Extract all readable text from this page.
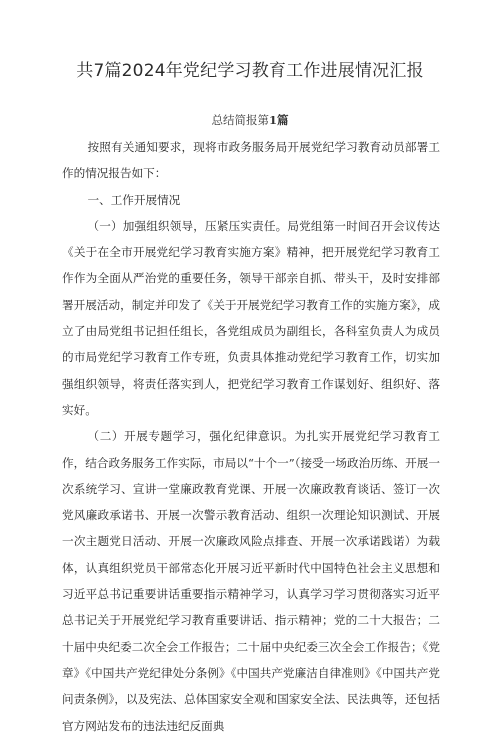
共7篇2024年党纪学习教育工作进展情况汇报
总结简报第1篇

按照有关通知要求，现将市政务服务局开展党纪学习教育动员部署工作的情况报告如下：

一、工作开展情况

（一）加强组织领导，压紧压实责任。局党组第一时间召开会议传达《关于在全市开展党纪学习教育实施方案》精神，把开展党纪学习教育工作作为全面从严治党的重要任务，领导干部亲自抓、带头干，及时安排部署开展活动，制定并印发了《关于开展党纪学习教育工作的实施方案》，成立了由局党组书记担任组长，各党组成员为副组长，各科室负责人为成员的市局党纪学习教育工作专班，负责具体推动党纪学习教育工作，切实加强组织领导，将责任落实到人，把党纪学习教育工作谋划好、组织好、落实好。

（二）开展专题学习，强化纪律意识。为扎实开展党纪学习教育工作，结合政务服务工作实际，市局以“十个一”（接受一场政治历练、开展一次系统学习、宣讲一堂廉政教育党课、开展一次廉政教育谈话、签订一次党风廉政承诺书、开展一次警示教育活动、组织一次理论知识测试、开展一次主题党日活动、开展一次廉政风险点排查、开展一次承诺践诺）为载体，认真组织党员干部常态化开展习近平新时代中国特色社会主义思想和习近平总书记重要讲话重要指示精神学习，认真学习学习贯彻落实习近平总书记关于开展党纪学习教育重要讲话、指示精神；党的二十大报告；二十届中央纪委二次全会工作报告；二十届中央纪委三次全会工作报告；《党章》《中国共产党纪律处分条例》《中国共产党廉洁自律准则》《中国共产党问责条例》，以及宪法、总体国家安全观和国家安全法、民法典等，还包括官方网站发布的违法违纪反面典
